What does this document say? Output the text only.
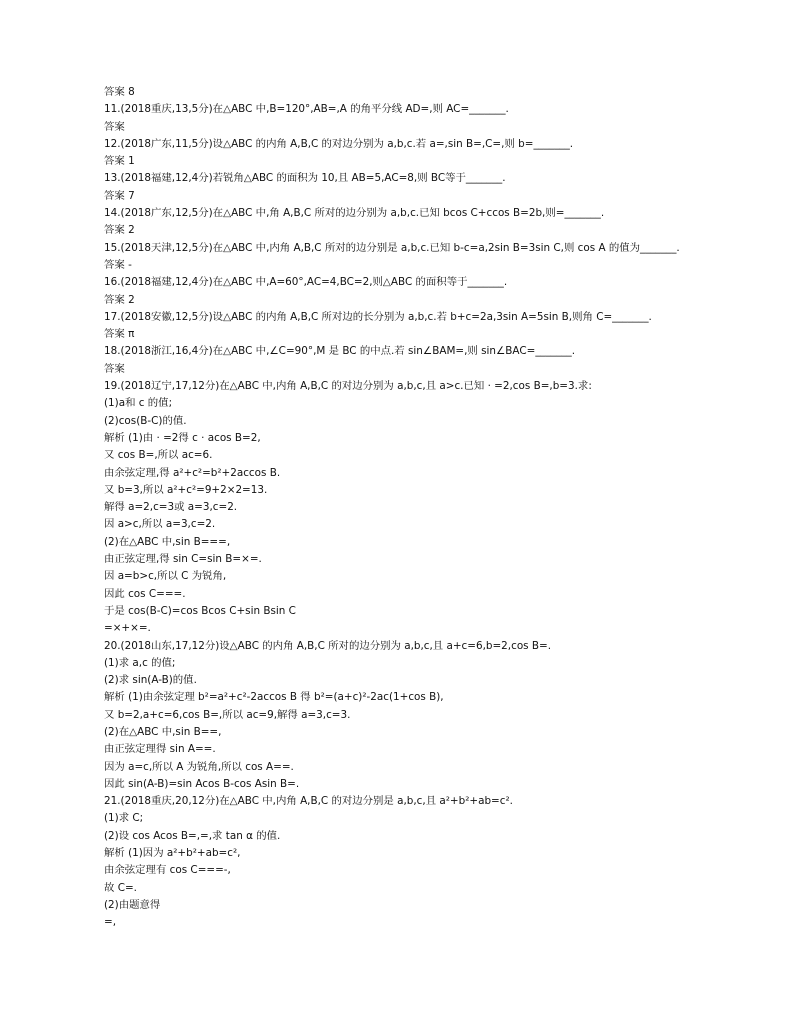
答案 8
11.(2018重庆,13,5分)在△ABC 中,B=120°,AB=,A 的角平分线 AD=,则 AC=_______.
答案
12.(2018广东,11,5分)设△ABC 的内角 A,B,C 的对边分别为 a,b,c.若 a=,sin B=,C=,则 b=_______.
答案 1
13.(2018福建,12,4分)若锐角△ABC 的面积为 10,且 AB=5,AC=8,则 BC等于_______.
答案 7
14.(2018广东,12,5分)在△ABC 中,角 A,B,C 所对的边分别为 a,b,c.已知 bcos C+ccos B=2b,则=_______.
答案 2
15.(2018天津,12,5分)在△ABC 中,内角 A,B,C 所对的边分别是 a,b,c.已知 b-c=a,2sin B=3sin C,则 cos A 的值为_______.
答案 -
16.(2018福建,12,4分)在△ABC 中,A=60°,AC=4,BC=2,则△ABC 的面积等于_______.
答案 2
17.(2018安徽,12,5分)设△ABC 的内角 A,B,C 所对边的长分别为 a,b,c.若 b+c=2a,3sin A=5sin B,则角 C=_______.
答案 π
18.(2018浙江,16,4分)在△ABC 中,∠C=90°,M 是 BC 的中点.若 sin∠BAM=,则 sin∠BAC=_______.
答案
19.(2018辽宁,17,12分)在△ABC 中,内角 A,B,C 的对边分别为 a,b,c,且 a>c.已知 · =2,cos B=,b=3.求:
(1)a和 c 的值;
(2)cos(B-C)的值.
解析 (1)由 · =2得 c · acos B=2,
又 cos B=,所以 ac=6.
由余弦定理,得 a²+c²=b²+2accos B.
又 b=3,所以 a²+c²=9+2×2=13.
解得 a=2,c=3或 a=3,c=2.
因 a>c,所以 a=3,c=2.
(2)在△ABC 中,sin B===,
由正弦定理,得 sin C=sin B=×=.
因 a=b>c,所以 C 为锐角,
因此 cos C===.
于是 cos(B-C)=cos Bcos C+sin Bsin C
=×+×=.
20.(2018山东,17,12分)设△ABC 的内角 A,B,C 所对的边分别为 a,b,c,且 a+c=6,b=2,cos B=.
(1)求 a,c 的值;
(2)求 sin(A-B)的值.
解析 (1)由余弦定理 b²=a²+c²-2accos B 得 b²=(a+c)²-2ac(1+cos B),
又 b=2,a+c=6,cos B=,所以 ac=9,解得 a=3,c=3.
(2)在△ABC 中,sin B==,
由正弦定理得 sin A==.
因为 a=c,所以 A 为锐角,所以 cos A==.
因此 sin(A-B)=sin Acos B-cos Asin B=.
21.(2018重庆,20,12分)在△ABC 中,内角 A,B,C 的对边分别是 a,b,c,且 a²+b²+ab=c².
(1)求 C;
(2)设 cos Acos B=,=,求 tan α 的值.
解析 (1)因为 a²+b²+ab=c²,
由余弦定理有 cos C===-,
故 C=.
(2)由题意得
=,
